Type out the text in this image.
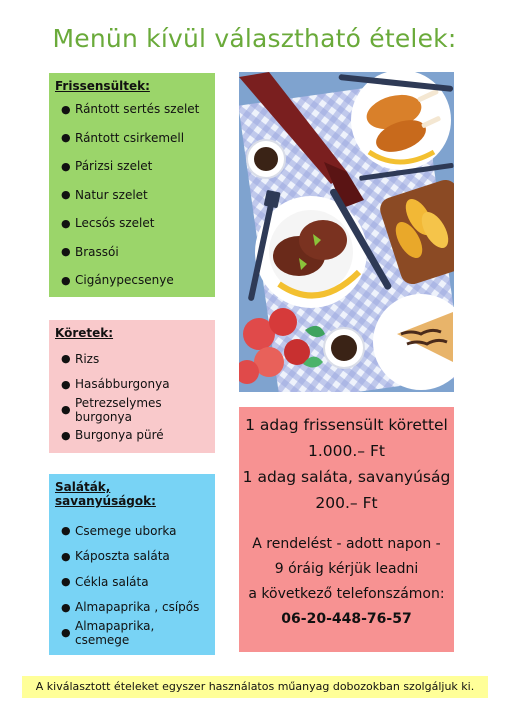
Menün kívül választható ételek:
Frissensültek:
● Rántott sertés szelet
● Rántott csirkemell
● Párizsi szelet
● Natur szelet
● Lecsós szelet
● Brassói
● Cigánypecsenye
Köretek:
● Rizs
● Hasábburgonya
● Petrezselymes burgonya
● Burgonya püré
Saláták, savanyúságok:
● Csemege uborka
● Káposzta saláta
● Cékla saláta
● Almapaprika , csípős
● Almapaprika, csemege
1 adag frissensült körettel
1.000.– Ft
1 adag saláta, savanyúság
200.– Ft
A rendelést - adott napon -
9 óráig kérjük leadni
a következő telefonszámon:
06-20-448-76-57
A kiválasztott ételeket egyszer használatos műanyag dobozokban szolgáljuk ki.
